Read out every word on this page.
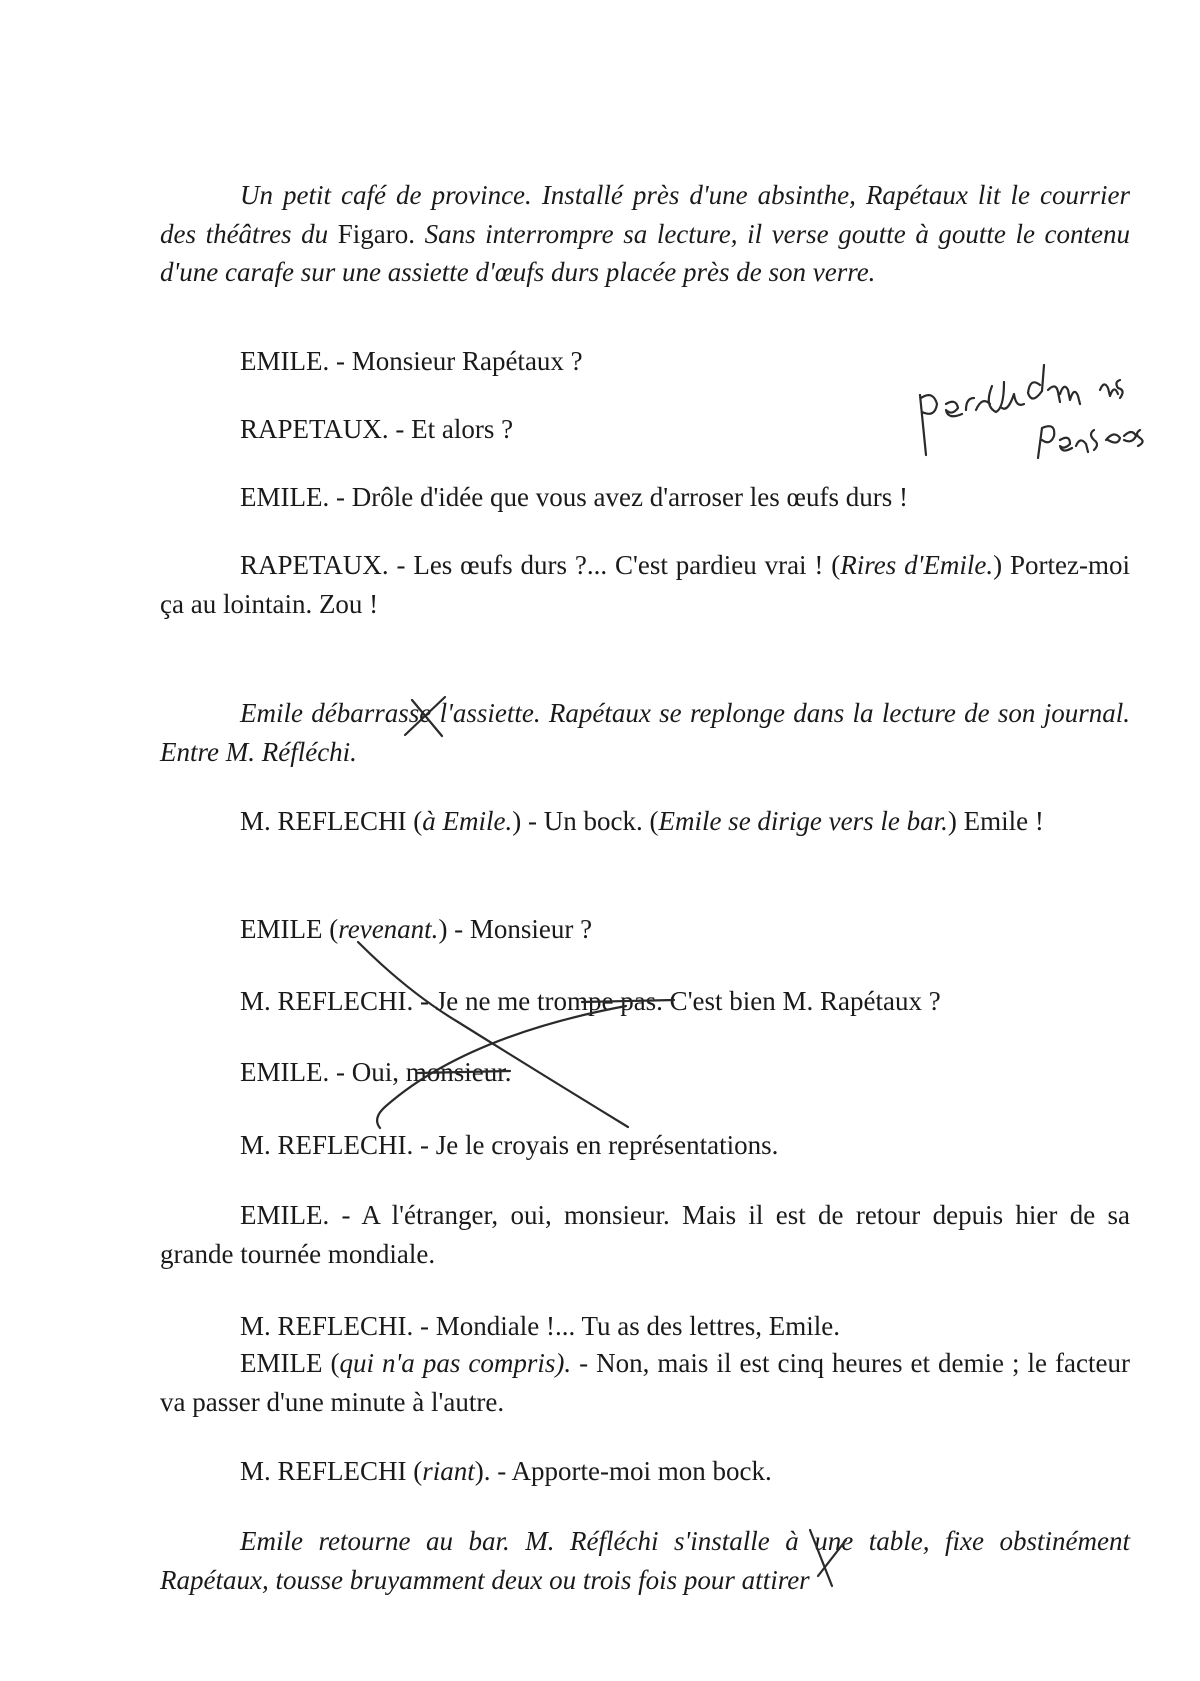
Un petit café de province. Installé près d'une absinthe, Rapétaux lit le courrier des théâtres du Figaro. Sans interrompre sa lecture, il verse goutte à goutte le contenu d'une carafe sur une assiette d'œufs durs placée près de son verre.

EMILE. - Monsieur Rapétaux ?
RAPETAUX. - Et alors ?
EMILE. - Drôle d'idée que vous avez d'arroser les œufs durs !

RAPETAUX. - Les œufs durs ?... C'est pardieu vrai ! (Rires d'Emile.) Portez-moi ça au lointain. Zou !

Emile débarrasse l'assiette. Rapétaux se replonge dans la lecture de son journal. Entre M. Réfléchi.

M. REFLECHI (à Emile.) - Un bock. (Emile se dirige vers le bar.) Emile !

EMILE (revenant.) - Monsieur ?
M. REFLECHI. - Je ne me trompe pas. C'est bien M. Rapétaux ?
EMILE. - Oui, monsieur.
M. REFLECHI. - Je le croyais en représentations.

EMILE. - A l'étranger, oui, monsieur. Mais il est de retour depuis hier de sa grande tournée mondiale.

M. REFLECHI. - Mondiale !... Tu as des lettres, Emile.

EMILE (qui n'a pas compris). - Non, mais il est cinq heures et demie ; le facteur va passer d'une minute à l'autre.

M. REFLECHI (riant). - Apporte-moi mon bock.

Emile retourne au bar. M. Réfléchi s'installe à une table, fixe obstinément Rapétaux, tousse bruyamment deux ou trois fois pour attirer
